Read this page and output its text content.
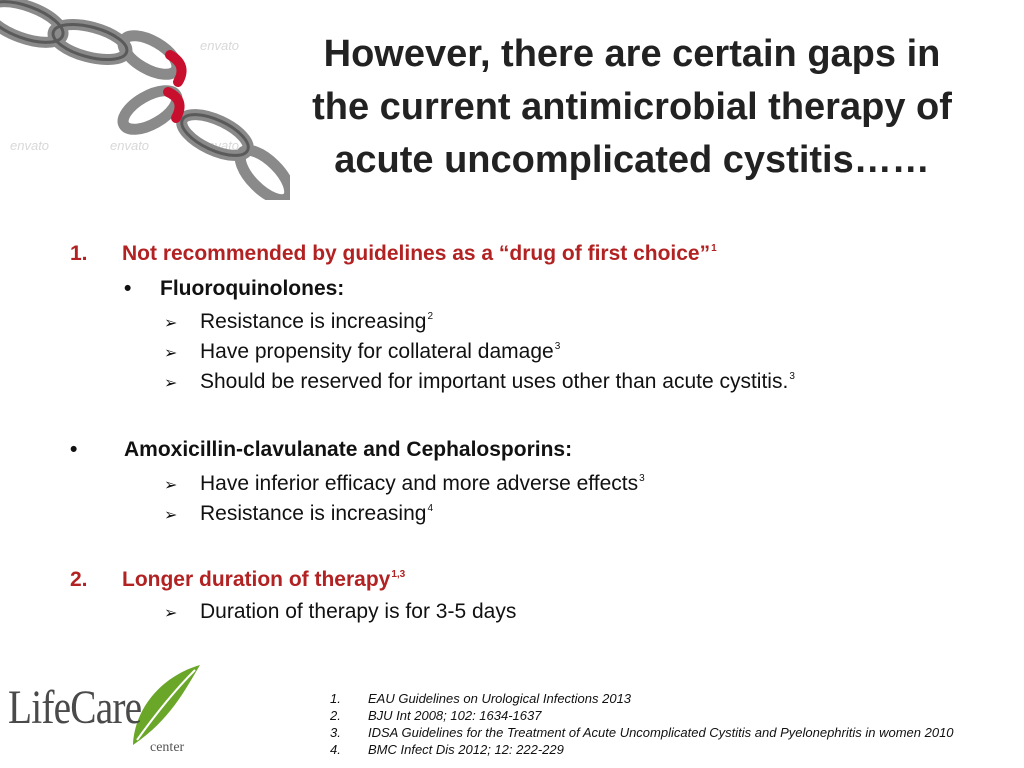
envato
envato	envato	envato
However, there are certain gaps in
the current antimicrobial therapy of
acute uncomplicated cystitis……
1. Not recommended by guidelines as a “drug of first choice”$^1$
• Fluoroquinolones:
➢ Resistance is increasing$^2$
➢ Have propensity for collateral damage$^3$
➢ Should be reserved for important uses other than acute cystitis.$^3$
• Amoxicillin-clavulanate and Cephalosporins:
➢ Have inferior efficacy and more adverse effects$^3$
➢ Resistance is increasing$^4$
2. Longer duration of therapy$^{1,3}$
➢ Duration of therapy is for 3-5 days
LifeCare
center
1. EAU Guidelines on Urological Infections 2013
2. BJU Int 2008; 102: 1634-1637
3. IDSA Guidelines for the Treatment of Acute Uncomplicated Cystitis and Pyelonephritis in women 2010
4. BMC Infect Dis 2012; 12: 222-229
